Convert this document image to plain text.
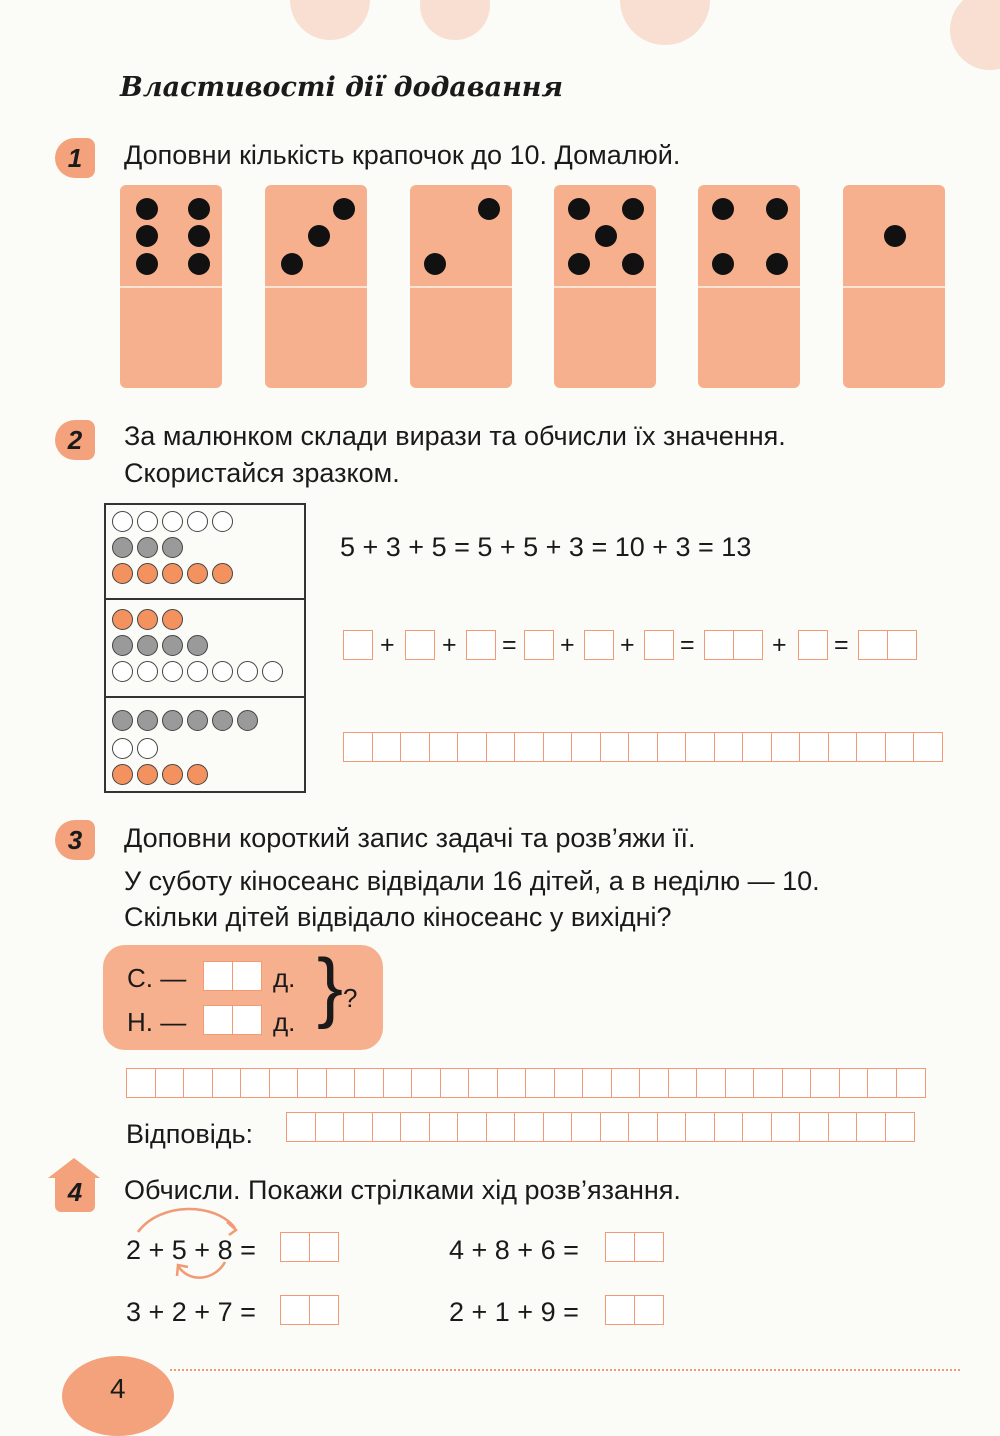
Властивості дії додавання
1	Доповни кількість крапочок до 10. Домалюй.
2	За малюнком склади вирази та обчисли їх значення.
Скористайся зразком.
5 + 3 + 5 = 5 + 5 + 3 = 10 + 3 = 13
+ + = + + =	+ =
3	Доповни короткий запис задачі та розв’яжи її.
У суботу кіносеанс відвідали 16 дітей, а в неділю — 10.
Скільки дітей відвідало кіносеанс у вихідні?
С. —	д.
Н. —	д. } ?
Відповідь:
4	Обчисли. Покажи стрілками хід розв’язання.
2 + 5 + 8 =	4 + 8 + 6 =
3 + 2 + 7 =	2 + 1 + 9 =
4
